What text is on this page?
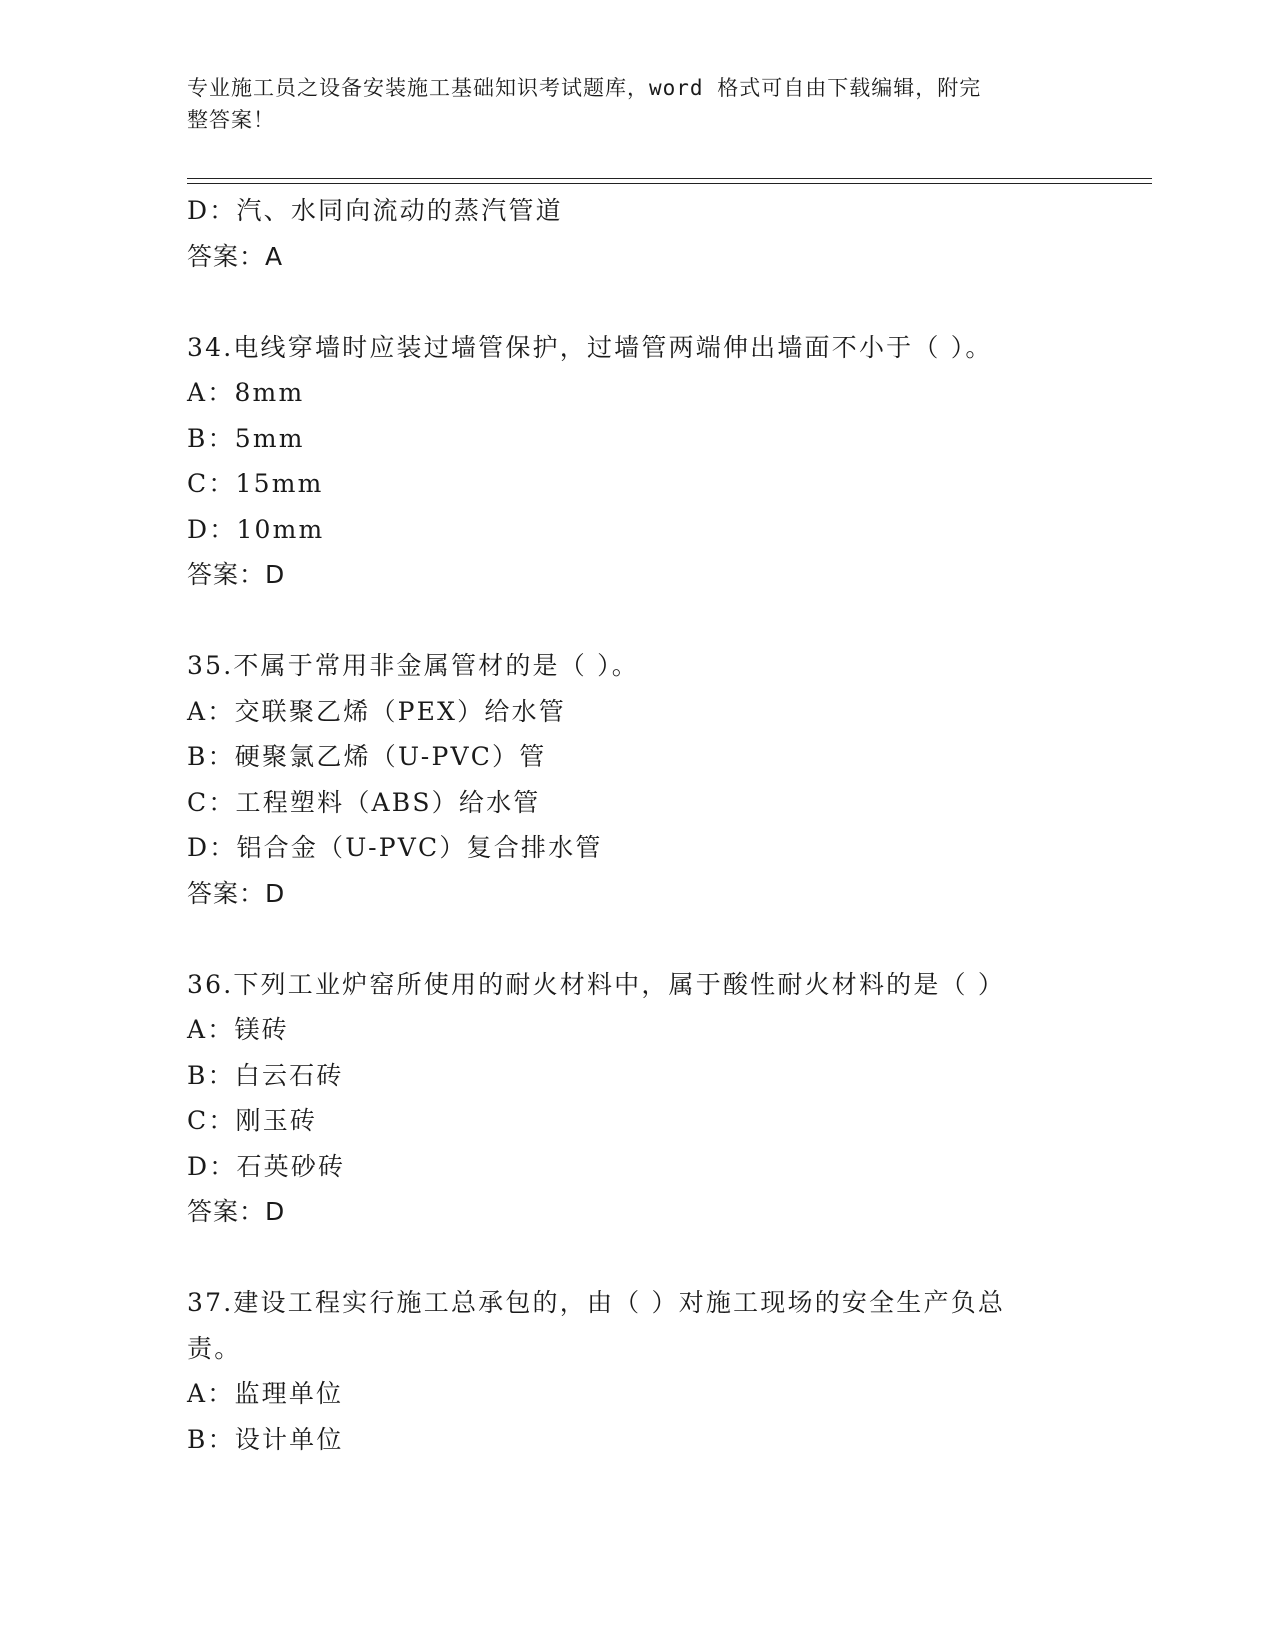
专业施工员之设备安装施工基础知识考试题库，word 格式可自由下载编辑，附完
整答案！
D：汽、水同向流动的蒸汽管道
答案：A
34.电线穿墙时应装过墙管保护，过墙管两端伸出墙面不小于（ ）。
A：8mm
B：5mm
C：15mm
D：10mm
答案：D
35.不属于常用非金属管材的是（ ）。
A：交联聚乙烯（PEX）给水管
B：硬聚氯乙烯（U-PVC）管
C：工程塑料（ABS）给水管
D：铝合金（U-PVC）复合排水管
答案：D
36.下列工业炉窑所使用的耐火材料中，属于酸性耐火材料的是（ ）
A：镁砖
B：白云石砖
C：刚玉砖
D：石英砂砖
答案：D
37.建设工程实行施工总承包的，由（ ）对施工现场的安全生产负总
责。
A：监理单位
B：设计单位
